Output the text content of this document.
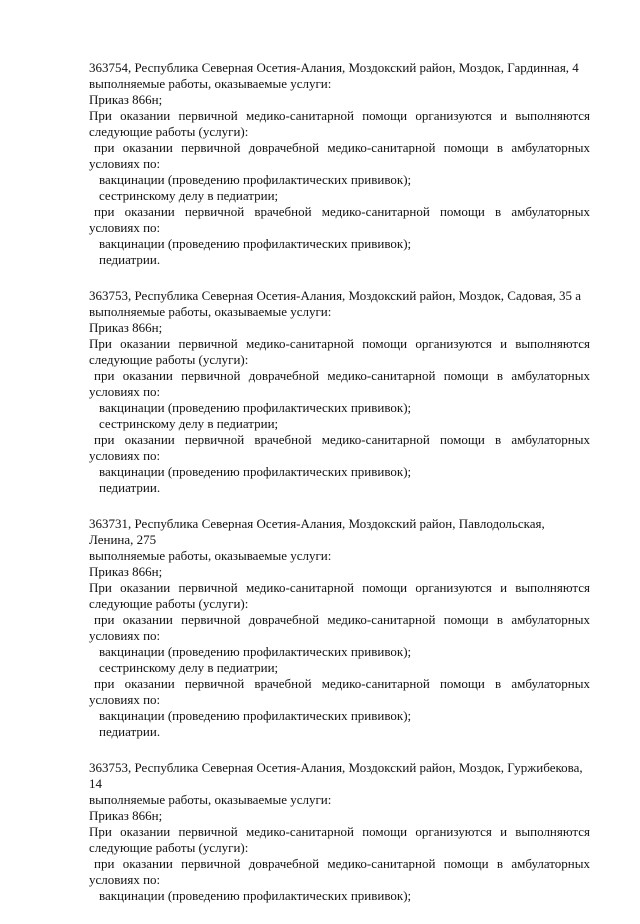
363754, Республика Северная Осетия-Алания, Моздокский район, Моздок, Гардинная, 4
выполняемые работы, оказываемые услуги:
Приказ 866н;
При оказании первичной медико-санитарной помощи организуются и выполняются
следующие работы (услуги):
при оказании первичной доврачебной медико-санитарной помощи в амбулаторных
условиях по:
вакцинации (проведению профилактических прививок);
сестринскому делу в педиатрии;
при оказании первичной врачебной медико-санитарной помощи в амбулаторных
условиях по:
вакцинации (проведению профилактических прививок);
педиатрии.
363753, Республика Северная Осетия-Алания, Моздокский район, Моздок, Садовая, 35 а
выполняемые работы, оказываемые услуги:
Приказ 866н;
При оказании первичной медико-санитарной помощи организуются и выполняются
следующие работы (услуги):
при оказании первичной доврачебной медико-санитарной помощи в амбулаторных
условиях по:
вакцинации (проведению профилактических прививок);
сестринскому делу в педиатрии;
при оказании первичной врачебной медико-санитарной помощи в амбулаторных
условиях по:
вакцинации (проведению профилактических прививок);
педиатрии.
363731, Республика Северная Осетия-Алания, Моздокский район, Павлодольская, Ленина, 275
выполняемые работы, оказываемые услуги:
Приказ 866н;
При оказании первичной медико-санитарной помощи организуются и выполняются
следующие работы (услуги):
при оказании первичной доврачебной медико-санитарной помощи в амбулаторных
условиях по:
вакцинации (проведению профилактических прививок);
сестринскому делу в педиатрии;
при оказании первичной врачебной медико-санитарной помощи в амбулаторных
условиях по:
вакцинации (проведению профилактических прививок);
педиатрии.
363753, Республика Северная Осетия-Алания, Моздокский район, Моздок, Гуржибекова, 14
выполняемые работы, оказываемые услуги:
Приказ 866н;
При оказании первичной медико-санитарной помощи организуются и выполняются
следующие работы (услуги):
при оказании первичной доврачебной медико-санитарной помощи в амбулаторных
условиях по:
вакцинации (проведению профилактических прививок);
